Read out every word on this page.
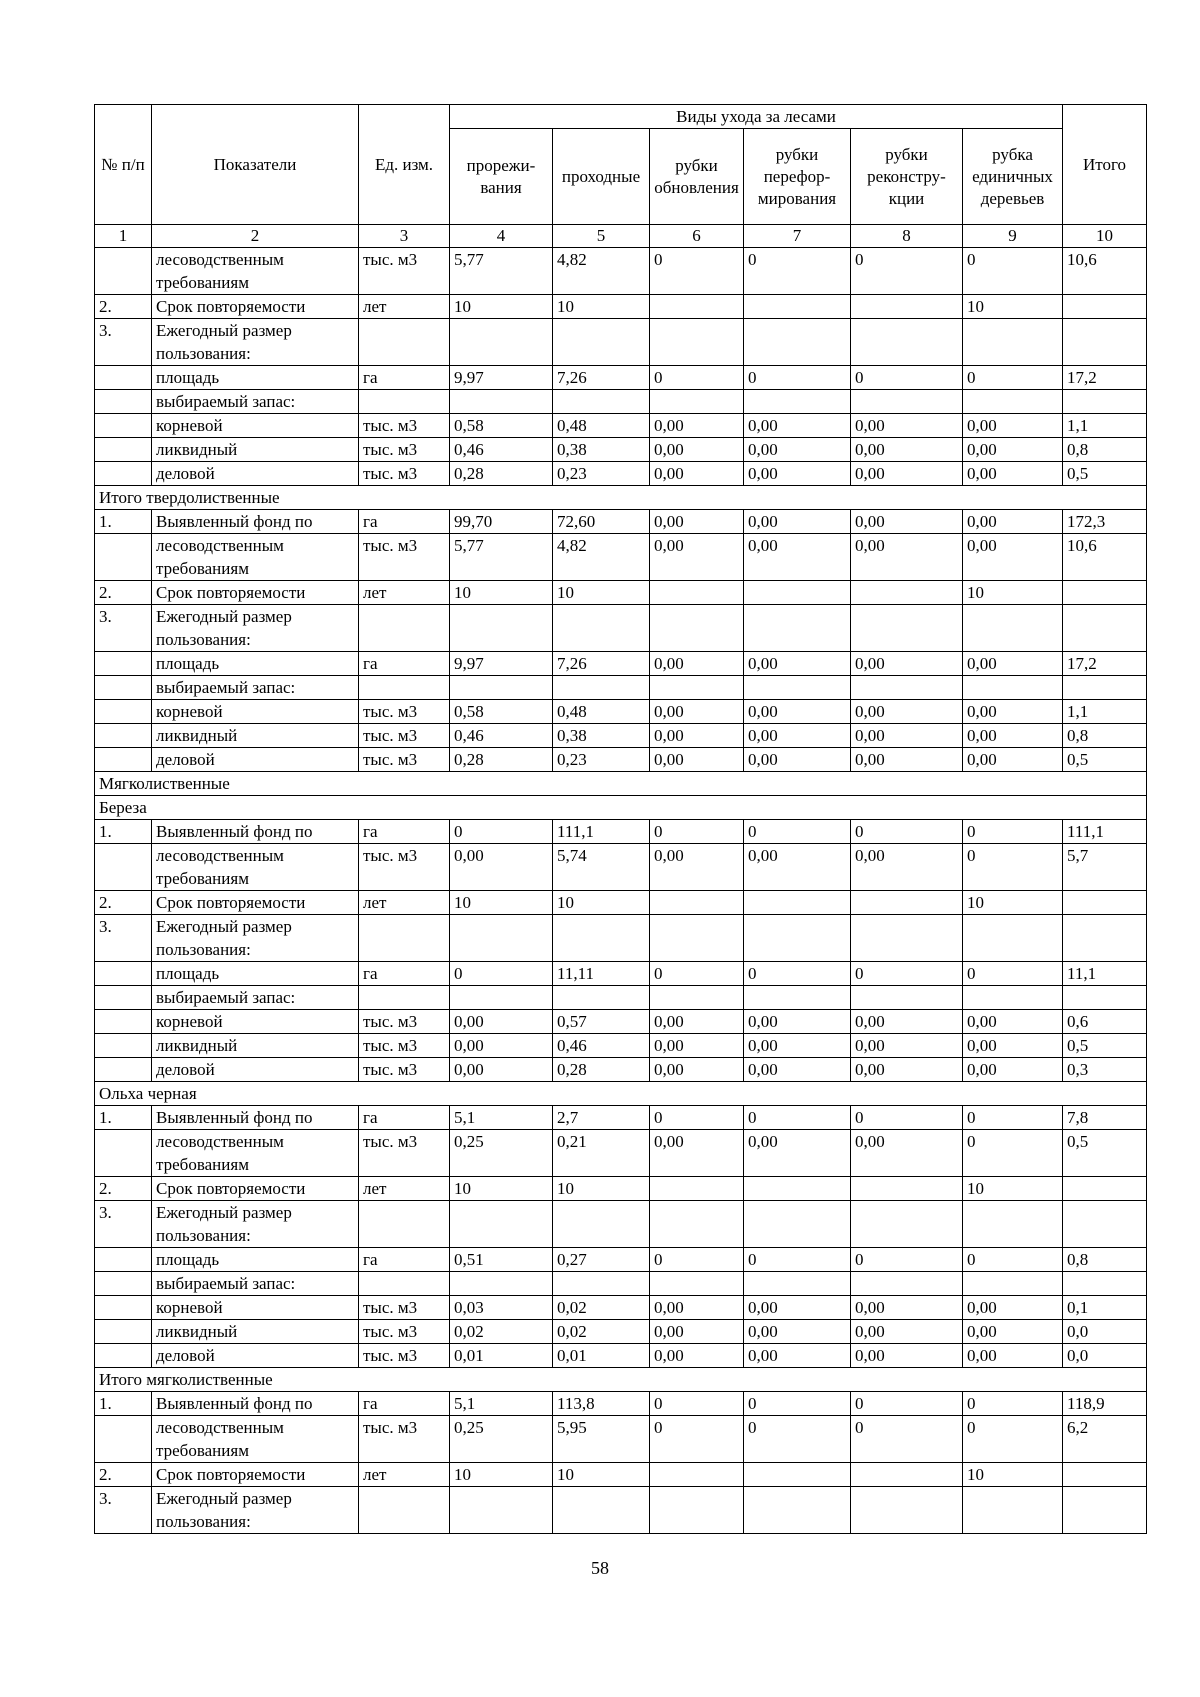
№ п/п	Показатели	Ед. изм.	Виды ухода за лесами						Итого
			прореживания	проходные	рубки обновления	рубки переформирования	рубки реконструкции	рубка единичных деревьев	
1	2	3	4	5	6	7	8	9	10
	лесоводственным требованиям	тыс. м3	5,77	4,82	0	0	0	0	10,6
2.	Срок повторяемости	лет	10	10				10	
3.	Ежегодный размер пользования:								
	площадь	га	9,97	7,26	0	0	0	0	17,2
	выбираемый запас:								
	корневой	тыс. м3	0,58	0,48	0,00	0,00	0,00	0,00	1,1
	ликвидный	тыс. м3	0,46	0,38	0,00	0,00	0,00	0,00	0,8
	деловой	тыс. м3	0,28	0,23	0,00	0,00	0,00	0,00	0,5
Итого твердолиственные									
1.	Выявленный фонд по	га	99,70	72,60	0,00	0,00	0,00	0,00	172,3
	лесоводственным требованиям	тыс. м3	5,77	4,82	0,00	0,00	0,00	0,00	10,6
2.	Срок повторяемости	лет	10	10				10	
3.	Ежегодный размер пользования:								
	площадь	га	9,97	7,26	0,00	0,00	0,00	0,00	17,2
	выбираемый запас:								
	корневой	тыс. м3	0,58	0,48	0,00	0,00	0,00	0,00	1,1
	ликвидный	тыс. м3	0,46	0,38	0,00	0,00	0,00	0,00	0,8
	деловой	тыс. м3	0,28	0,23	0,00	0,00	0,00	0,00	0,5
Мягколиственные									
Береза									
1.	Выявленный фонд по	га	0	111,1	0	0	0	0	111,1
	лесоводственным требованиям	тыс. м3	0,00	5,74	0,00	0,00	0,00	0	5,7
2.	Срок повторяемости	лет	10	10				10	
3.	Ежегодный размер пользования:								
	площадь	га	0	11,11	0	0	0	0	11,1
	выбираемый запас:								
	корневой	тыс. м3	0,00	0,57	0,00	0,00	0,00	0,00	0,6
	ликвидный	тыс. м3	0,00	0,46	0,00	0,00	0,00	0,00	0,5
	деловой	тыс. м3	0,00	0,28	0,00	0,00	0,00	0,00	0,3
Ольха черная									
1.	Выявленный фонд по	га	5,1	2,7	0	0	0	0	7,8
	лесоводственным требованиям	тыс. м3	0,25	0,21	0,00	0,00	0,00	0	0,5
2.	Срок повторяемости	лет	10	10				10	
3.	Ежегодный размер пользования:								
	площадь	га	0,51	0,27	0	0	0	0	0,8
	выбираемый запас:								
	корневой	тыс. м3	0,03	0,02	0,00	0,00	0,00	0,00	0,1
	ликвидный	тыс. м3	0,02	0,02	0,00	0,00	0,00	0,00	0,0
	деловой	тыс. м3	0,01	0,01	0,00	0,00	0,00	0,00	0,0
Итого мягколиственные									
1.	Выявленный фонд по	га	5,1	113,8	0	0	0	0	118,9
	лесоводственным требованиям	тыс. м3	0,25	5,95	0	0	0	0	6,2
2.	Срок повторяемости	лет	10	10				10	
3.	Ежегодный размер пользования:								
58
